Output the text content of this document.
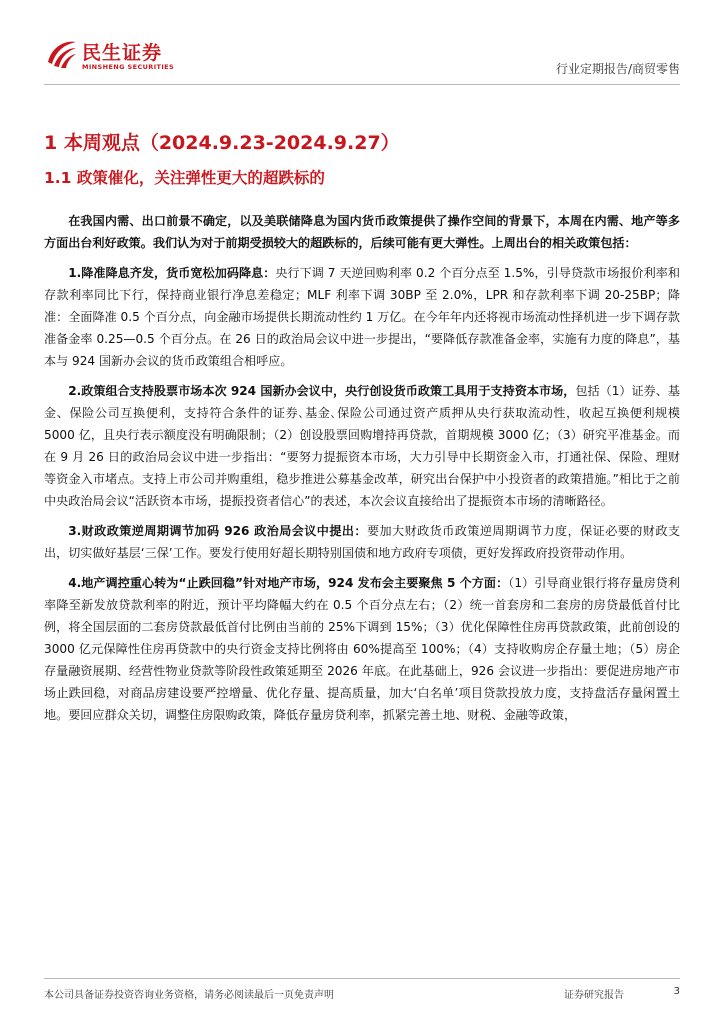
民生证券
MINSHENG SECURITIES	行业定期报告/商贸零售
1 本周观点（2024.9.23-2024.9.27）
1.1 政策催化，关注弹性更大的超跌标的

在我国内需、出口前景不确定，以及美联储降息为国内货币政策提供了操作空间的背景下，本周在内需、地产等多方面出台利好政策。我们认为对于前期受损较大的超跌标的，后续可能有更大弹性。上周出台的相关政策包括：

1.降准降息齐发，货币宽松加码降息：央行下调 7 天逆回购利率 0.2 个百分点至 1.5%，引导贷款市场报价利率和存款利率同比下行，保持商业银行净息差稳定；MLF 利率下调 30BP 至 2.0%，LPR 和存款利率下调 20-25BP；降准：全面降准 0.5 个百分点，向金融市场提供长期流动性约 1 万亿。在今年年内还将视市场流动性择机进一步下调存款准备金率 0.25—0.5 个百分点。在 26 日的政治局会议中进一步提出，“要降低存款准备金率，实施有力度的降息”，基本与 924 国新办会议的货币政策组合相呼应。

2.政策组合支持股票市场本次 924 国新办会议中，央行创设货币政策工具用于支持资本市场，包括（1）证券、基金、保险公司互换便利，支持符合条件的证券､基金､保险公司通过资产质押从央行获取流动性，收起互换便利规模 5000 亿，且央行表示额度没有明确限制；（2）创设股票回购增持再贷款，首期规模 3000 亿；（3）研究平准基金。而在 9 月 26 日的政治局会议中进一步指出：“要努力提振资本市场，大力引导中长期资金入市，打通社保、保险、理财等资金入市堵点。支持上市公司并购重组，稳步推进公募基金改革，研究出台保护中小投资者的政策措施。”相比于之前中央政治局会议“活跃资本市场，提振投资者信心”的表述，本次会议直接给出了提振资本市场的清晰路径。

3.财政政策逆周期调节加码 926 政治局会议中提出：要加大财政货币政策逆周期调节力度，保证必要的财政支出，切实做好基层‘三保’工作。要发行使用好超长期特别国债和地方政府专项债，更好发挥政府投资带动作用。

4.地产调控重心转为“止跌回稳”针对地产市场，924 发布会主要聚焦 5 个方面：（1）引导商业银行将存量房贷利率降至新发放贷款利率的附近，预计平均降幅大约在 0.5 个百分点左右；（2）统一首套房和二套房的房贷最低首付比例，将全国层面的二套房贷款最低首付比例由当前的 25%下调到 15%；（3）优化保障性住房再贷款政策，此前创设的 3000 亿元保障性住房再贷款中的央行资金支持比例将由 60%提高至 100%；（4）支持收购房企存量土地；（5）房企存量融资展期、经营性物业贷款等阶段性政策延期至 2026 年底。在此基础上，926 会议进一步指出：要促进房地产市场止跌回稳，对商品房建设要严控增量、优化存量、提高质量，加大‘白名单’项目贷款投放力度，支持盘活存量闲置土地。要回应群众关切，调整住房限购政策，降低存量房贷利率，抓紧完善土地、财税、金融等政策，

本公司具备证券投资咨询业务资格，请务必阅读最后一页免责声明	证券研究报告	3
